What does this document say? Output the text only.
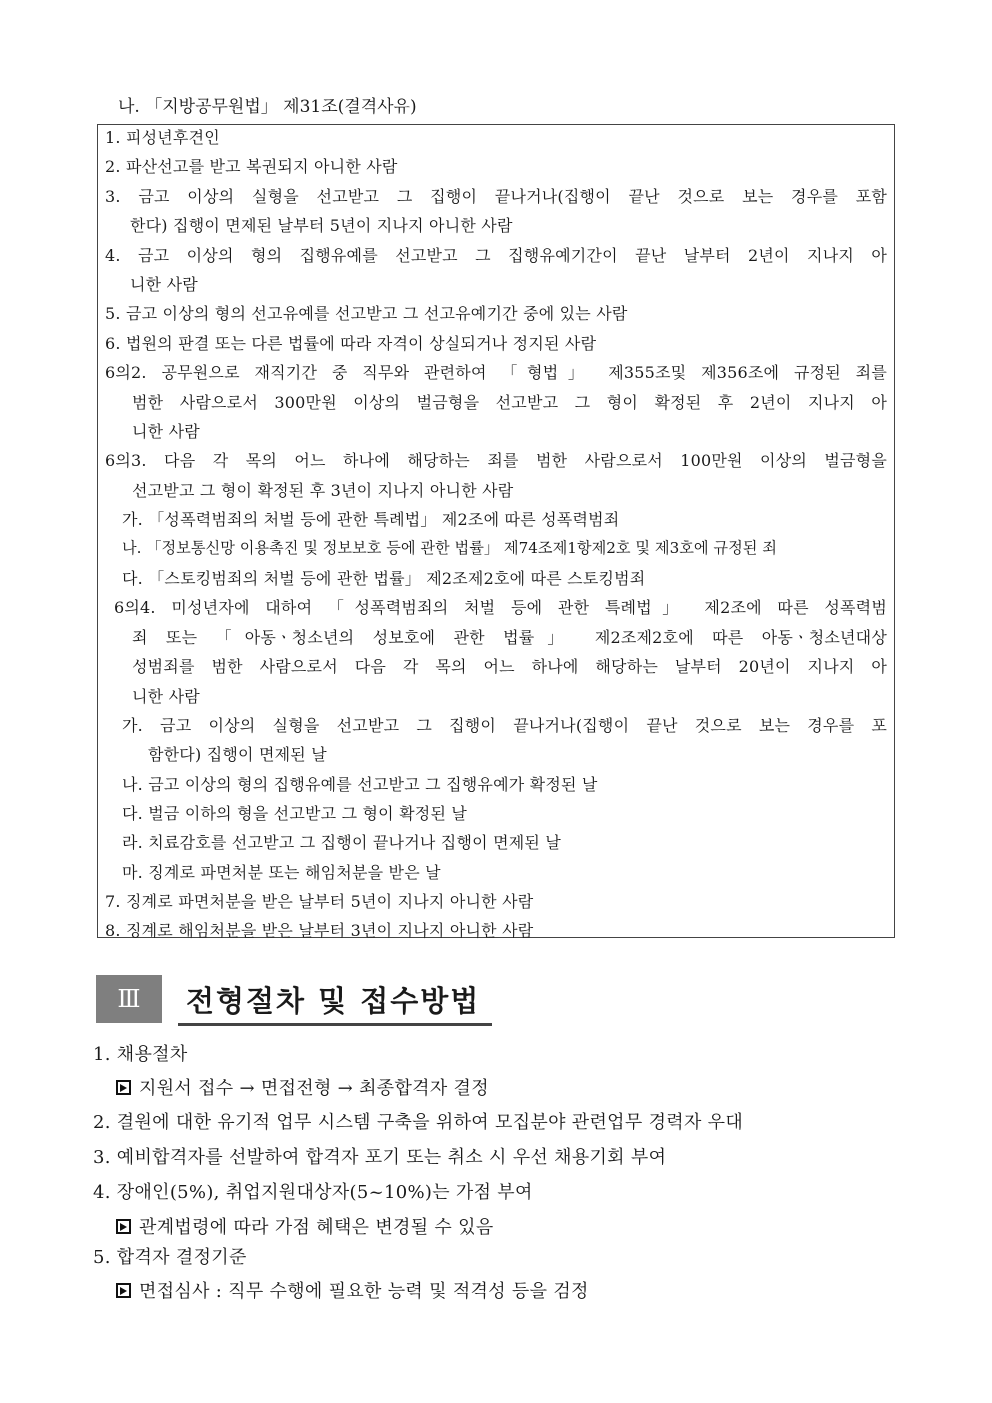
나. 「지방공무원법」 제31조(결격사유)
1. 피성년후견인
2. 파산선고를 받고 복권되지 아니한 사람
3. 금고 이상의 실형을 선고받고 그 집행이 끝나거나(집행이 끝난 것으로 보는 경우를 포함
한다) 집행이 면제된 날부터 5년이 지나지 아니한 사람
4. 금고 이상의 형의 집행유예를 선고받고 그 집행유예기간이 끝난 날부터 2년이 지나지 아
니한 사람
5. 금고 이상의 형의 선고유예를 선고받고 그 선고유예기간 중에 있는 사람
6. 법원의 판결 또는 다른 법률에 따라 자격이 상실되거나 정지된 사람
6의2. 공무원으로 재직기간 중 직무와 관련하여 「형법」 제355조및 제356조에 규정된 죄를
범한 사람으로서 300만원 이상의 벌금형을 선고받고 그 형이 확정된 후 2년이 지나지 아
니한 사람
6의3. 다음 각 목의 어느 하나에 해당하는 죄를 범한 사람으로서 100만원 이상의 벌금형을
선고받고 그 형이 확정된 후 3년이 지나지 아니한 사람
가. 「성폭력범죄의 처벌 등에 관한 특례법」 제2조에 따른 성폭력범죄
나. 「정보통신망 이용촉진 및 정보보호 등에 관한 법률」 제74조제1항제2호 및 제3호에 규정된 죄
다. 「스토킹범죄의 처벌 등에 관한 법률」 제2조제2호에 따른 스토킹범죄
6의4. 미성년자에 대하여 「성폭력범죄의 처벌 등에 관한 특례법」 제2조에 따른 성폭력범
죄 또는 「아동ㆍ청소년의 성보호에 관한 법률」 제2조제2호에 따른 아동ㆍ청소년대상
성범죄를 범한 사람으로서 다음 각 목의 어느 하나에 해당하는 날부터 20년이 지나지 아
니한 사람
가. 금고 이상의 실형을 선고받고 그 집행이 끝나거나(집행이 끝난 것으로 보는 경우를 포
함한다) 집행이 면제된 날
나. 금고 이상의 형의 집행유예를 선고받고 그 집행유예가 확정된 날
다. 벌금 이하의 형을 선고받고 그 형이 확정된 날
라. 치료감호를 선고받고 그 집행이 끝나거나 집행이 면제된 날
마. 징계로 파면처분 또는 해임처분을 받은 날
7. 징계로 파면처분을 받은 날부터 5년이 지나지 아니한 사람
8. 징계로 해임처분을 받은 날부터 3년이 지나지 아니한 사람
Ⅲ	전형절차 및 접수방법
1. 채용절차
지원서 접수 → 면접전형 → 최종합격자 결정
2. 결원에 대한 유기적 업무 시스템 구축을 위하여 모집분야 관련업무 경력자 우대
3. 예비합격자를 선발하여 합격자 포기 또는 취소 시 우선 채용기회 부여
4. 장애인(5%), 취업지원대상자(5~10%)는 가점 부여
관계법령에 따라 가점 혜택은 변경될 수 있음
5. 합격자 결정기준
면접심사 : 직무 수행에 필요한 능력 및 적격성 등을 검정
